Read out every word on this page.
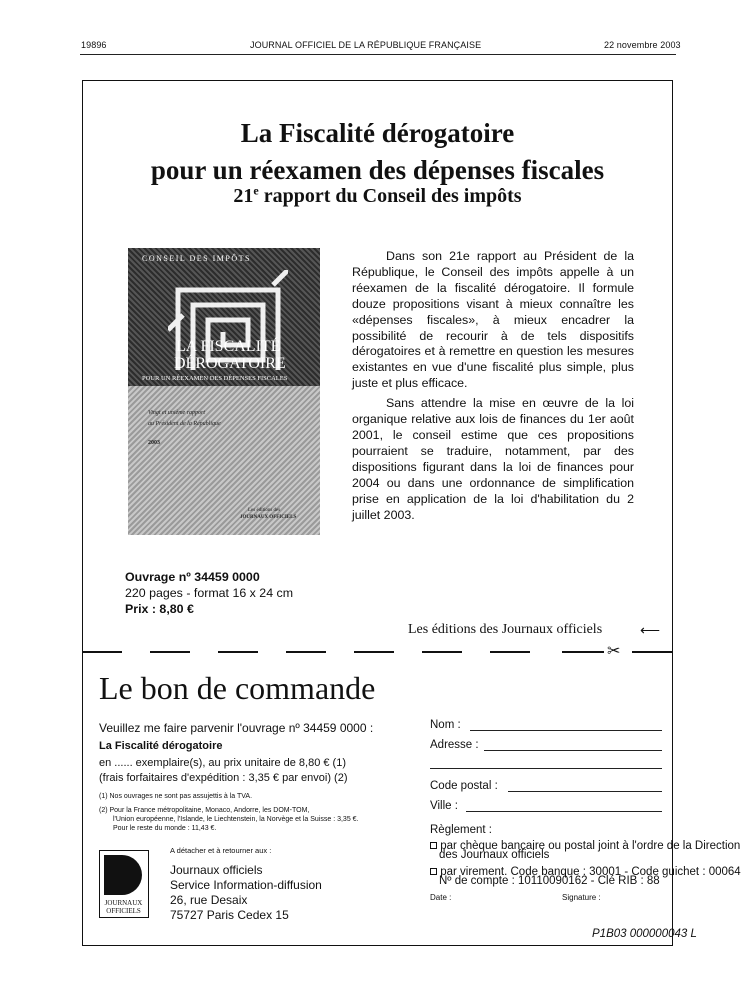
19896	JOURNAL OFFICIEL DE LA RÉPUBLIQUE FRANÇAISE	22 novembre 2003
La Fiscalité dérogatoire
pour un réexamen des dépenses fiscales
21e rapport du Conseil des impôts
CONSEIL DES IMPÔTS
LA FISCALITÉ
DÉROGATOIRE
POUR UN RÉEXAMEN DES DÉPENSES FISCALES
Vingt et unième rapport
au Président de la République
2003
Les éditions des
JOURNAUX OFFICIELS

Dans son 21e rapport au Président de la République, le Conseil des impôts appelle à un réexamen de la fiscalité dérogatoire. Il formule douze propositions visant à mieux connaître les «dépenses fiscales», à mieux encadrer la possibilité de recourir à de tels dispositifs dérogatoires et à remettre en question les mesures existantes en vue d'une fiscalité plus simple, plus juste et plus efficace.

Sans attendre la mise en œuvre de la loi organique relative aux lois de finances du 1er août 2001, le conseil estime que ces propositions pourraient se traduire, notamment, par des dispositions figurant dans la loi de finances pour 2004 ou dans une ordonnance de simplification prise en application de la loi d'habilitation du 2 juillet 2003.

Ouvrage nº 34459 0000
220 pages - format 16 x 24 cm
Prix : 8,80 €
Les éditions des Journaux officiels	⟵
✂
Le bon de commande
Veuillez me faire parvenir l'ouvrage nº 34459 0000 :
La Fiscalité dérogatoire
en ...... exemplaire(s), au prix unitaire de 8,80 € (1)
(frais forfaitaires d'expédition : 3,35 € par envoi) (2)
(1) Nos ouvrages ne sont pas assujettis à la TVA.
(2) Pour la France métropolitaine, Monaco, Andorre, les DOM-TOM,
l'Union européenne, l'Islande, le Liechtenstein, la Norvège et la Suisse : 3,35 €.
Pour le reste du monde : 11,43 €.
JOURNAUX
OFFICIELS
A détacher et à retourner aux :
Journaux officiels
Service Information-diffusion
26, rue Desaix
75727 Paris Cedex 15
Nom :
Adresse :
Code postal :
Ville :
Règlement :
par chèque bancaire ou postal joint à l'ordre de la Direction
des Journaux officiels
par virement. Code banque : 30001 - Code guichet : 00064
Nº de compte : 10110090162 - Clé RIB : 88
Date :	Signature :
P1B03 000000043 L
